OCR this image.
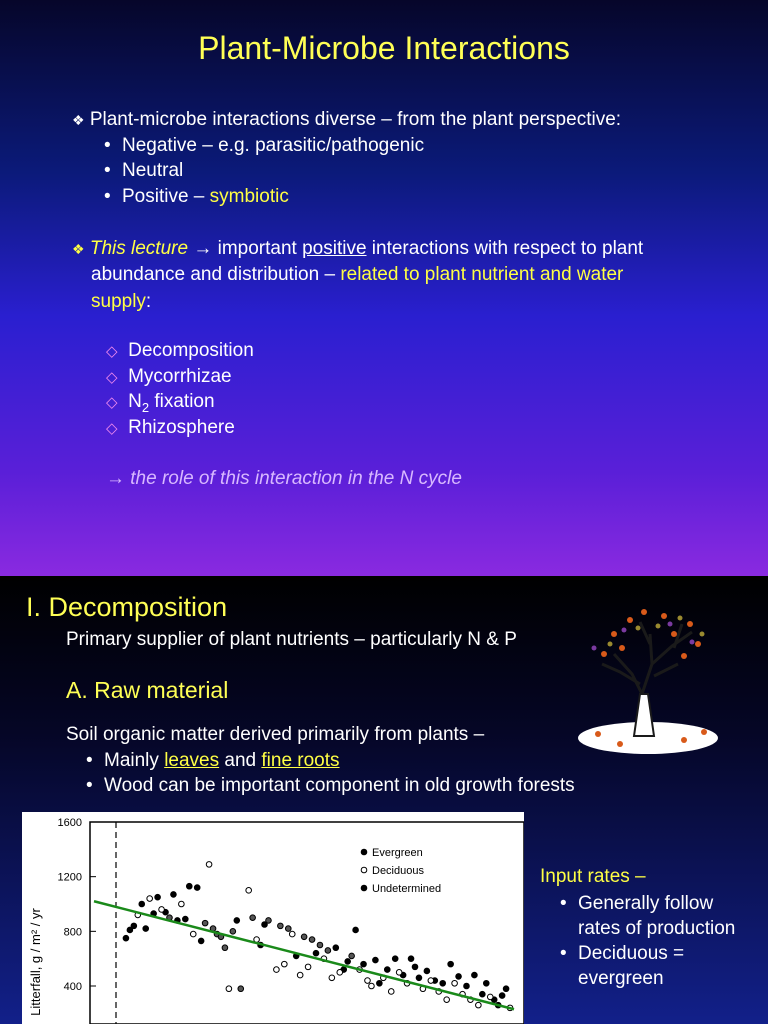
Plant-Microbe Interactions
❖ Plant-microbe interactions diverse – from the plant perspective:
• Negative – e.g. parasitic/pathogenic
• Neutral
• Positive – symbiotic
❖ This lecture → important positive interactions with respect to plant
abundance and distribution – related to plant nutrient and water
supply:
◇ Decomposition
◇ Mycorrhizae
◇ $N_2$ fixation
◇ Rhizosphere
→ the role of this interaction in the N cycle
I. Decomposition
Primary supplier of plant nutrients – particularly N & P
A. Raw material
Soil organic matter derived primarily from plants –
• Mainly leaves and fine roots
• Wood can be important component in old growth forests
Litterfall, g / m² / yr
1600
1200
800
400
Evergreen
Deciduous
Undetermined
Input rates –
• Generally follow
rates of production
• Deciduous =
evergreen
